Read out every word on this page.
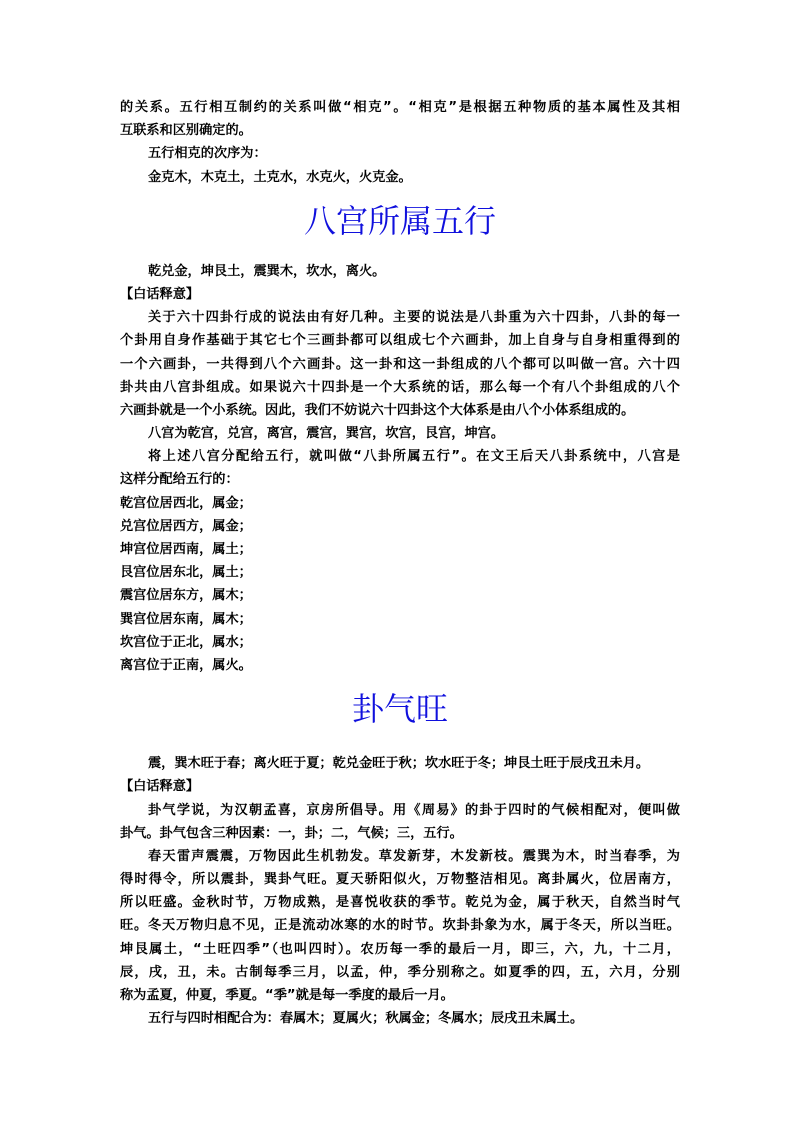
的关系。五行相互制约的关系叫做“相克”。“相克”是根据五种物质的基本属性及其相
互联系和区别确定的。
五行相克的次序为：
金克木，木克土，土克水，水克火，火克金。
八宫所属五行
乾兑金，坤艮土，震巽木，坎水，离火。
【白话释意】
关于六十四卦行成的说法由有好几种。主要的说法是八卦重为六十四卦，八卦的每一
个卦用自身作基础于其它七个三画卦都可以组成七个六画卦，加上自身与自身相重得到的
一个六画卦，一共得到八个六画卦。这一卦和这一卦组成的八个都可以叫做一宫。六十四
卦共由八宫卦组成。如果说六十四卦是一个大系统的话，那么每一个有八个卦组成的八个
六画卦就是一个小系统。因此，我们不妨说六十四卦这个大体系是由八个小体系组成的。
八宫为乾宫，兑宫，离宫，震宫，巽宫，坎宫，艮宫，坤宫。
将上述八宫分配给五行，就叫做“八卦所属五行”。在文王后天八卦系统中，八宫是
这样分配给五行的：
乾宫位居西北，属金；
兑宫位居西方，属金；
坤宫位居西南，属土；
艮宫位居东北，属土；
震宫位居东方，属木；
巽宫位居东南，属木；
坎宫位于正北，属水；
离宫位于正南，属火。
卦气旺
震，巽木旺于春；离火旺于夏；乾兑金旺于秋；坎水旺于冬；坤艮土旺于辰戌丑未月。
【白话释意】
卦气学说，为汉朝孟喜，京房所倡导。用《周易》的卦于四时的气候相配对，便叫做
卦气。卦气包含三种因素：一，卦；二，气候；三，五行。
春天雷声震震，万物因此生机勃发。草发新芽，木发新枝。震巽为木，时当春季，为
得时得令，所以震卦，巽卦气旺。夏天骄阳似火，万物整洁相见。离卦属火，位居南方，
所以旺盛。金秋时节，万物成熟，是喜悦收获的季节。乾兑为金，属于秋天，自然当时气
旺。冬天万物归息不见，正是流动冰寒的水的时节。坎卦卦象为水，属于冬天，所以当旺。
坤艮属土，“土旺四季”（也叫四时）。农历每一季的最后一月，即三，六，九，十二月，
辰，戌，丑，未。古制每季三月，以孟，仲，季分别称之。如夏季的四，五，六月，分别
称为孟夏，仲夏，季夏。“季”就是每一季度的最后一月。
五行与四时相配合为：春属木；夏属火；秋属金；冬属水；辰戌丑未属土。
